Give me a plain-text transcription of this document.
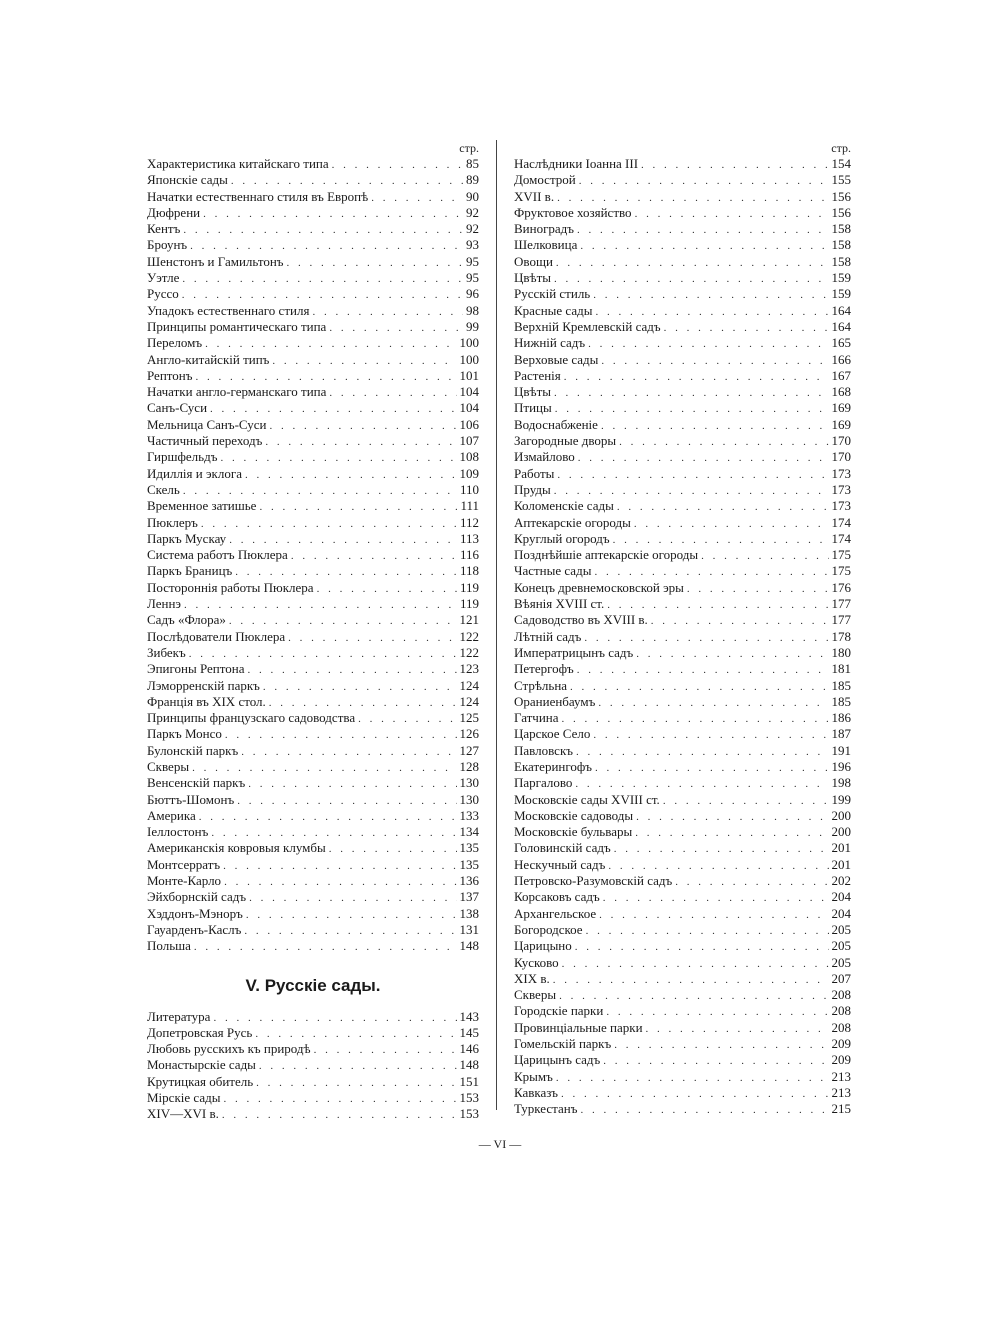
стр.
Характеристика китайскаго типа . . .	85
Японскiе сады . . .	89
Начатки естественнаго стиля въ Европѣ . . .	90
Дюфрени . . .	92
Кентъ . . .	92
Броунъ . . .	93
Шенстонъ и Гамильтонъ . . .	95
Уэтле . . .	95
Руссо . . .	96
Упадокъ естественнаго стиля . . .	98
Принципы романтическаго типа . . .	99
Переломъ . . .	100
Англо-китайскiй типъ . . .	100
Рептонъ . . .	101
Начатки англо-германскаго типа . . .	104
Санъ-Суси . . .	104
Мельница Санъ-Суси . . .	106
Частичный переходъ . . .	107
Гиршфельдъ . . .	108
Идиллiя и эклога . . .	109
Скель . . .	110
Временное затишье . . .	111
Пюклеръ . . .	112
Паркъ Мускау . . .	113
Система работъ Пюклера . . .	116
Паркъ Браницъ . . .	118
Постороннiя работы Пюклера . . .	119
Леннэ . . .	119
Садъ «Флора» . . .	121
Послѣдователи Пюклера . . .	122
Зибекъ . . .	122
Эпигоны Рептона . . .	123
Лэморренскiй паркъ . . .	124
Францiя въ XIX стол. . . .	124
Принципы французскаго садоводства . . .	125
Паркъ Монсо . . .	126
Булонскiй паркъ . . .	127
Скверы . . .	128
Венсенскiй паркъ . . .	130
Бюттъ-Шомонъ . . .	130
Америка . . .	133
Iеллостонъ . . .	134
Американскiя ковровыя клумбы . . .	135
Монтсерратъ . . .	135
Монте-Карло . . .	136
Эйхборнскiй садъ . . .	137
Хэддонъ-Мэноръ . . .	138
Гауарденъ-Каслъ . . .	131
Польша . . .	148
V. Русскiе сады.
Литература . . .	143
Допетровская Русь . . .	145
Любовь русскихъ къ природѣ . . .	146
Монастырскiе сады . . .	148
Крутицкая обитель . . .	151
Мiрскiе сады . . .	153
XIV—XVI в. . . .	153
стр.
Наслѣдники Iоанна III . . .	154
Домострой . . .	155
XVII в. . . .	156
Фруктовое хозяйство . . .	156
Виноградъ . . .	158
Шелковица . . .	158
Овощи . . .	158
Цвѣты . . .	159
Русскiй стиль . . .	159
Красные сады . . .	164
Верхнiй Кремлевскiй садъ . . .	164
Нижнiй садъ . . .	165
Верховые сады . . .	166
Растенiя . . .	167
Цвѣты . . .	168
Птицы . . .	169
Водоснабженiе . . .	169
Загородные дворы . . .	170
Измайлово . . .	170
Работы . . .	173
Пруды . . .	173
Коломенскiе сады . . .	173
Аптекарскiе огороды . . .	174
Круглый огородъ . . .	174
Позднѣйшiе аптекарскiе огороды . . .	175
Частные сады . . .	175
Конецъ древнемосковской эры . . .	176
Вѣянiя XVIII ст. . . .	177
Садоводство въ XVIII в. . . .	177
Лѣтнiй садъ . . .	178
Императрицынъ садъ . . .	180
Петергофъ . . .	181
Стрѣльна . . .	185
Ораниенбаумъ . . .	185
Гатчина . . .	186
Царское Село . . .	187
Павловскъ . . .	191
Екатерингофъ . . .	196
Паргалово . . .	198
Московскiе сады XVIII ст. . . .	199
Московскiе садоводы . . .	200
Московскiе бульвары . . .	200
Головинскiй садъ . . .	201
Нескучный садъ . . .	201
Петровско-Разумовскiй садъ . . .	202
Корсаковъ садъ . . .	204
Архангельское . . .	204
Богородское . . .	205
Царицыно . . .	205
Кусково . . .	205
XIX в. . . .	207
Скверы . . .	208
Городскiе парки . . .	208
Провинцiальные парки . . .	208
Гомельскiй паркъ . . .	209
Царицынъ садъ . . .	209
Крымъ . . .	213
Кавказъ . . .	213
Туркестанъ . . .	215
— VI —
